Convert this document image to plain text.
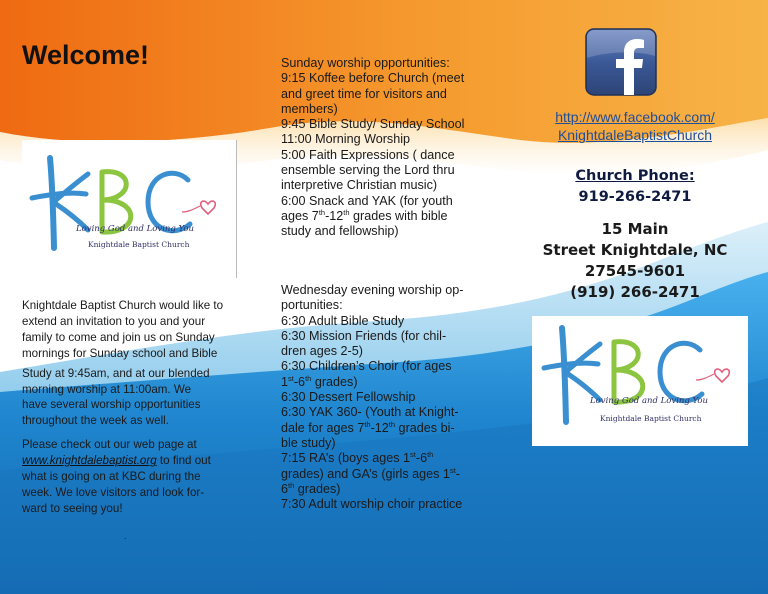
Welcome!
Loving God and Loving You
Knightdale Baptist Church

Knightdale Baptist Church would like to

extend an invitation to you and your

family to come and join us on Sunday

mornings for Sunday school and Bible

Study at 9:45am, and at our blended

morning worship at 11:00am. We

have several worship opportunities

throughout the week as well.

Please check out our web page at

www.knightdalebaptist.org to find out

what is going on at KBC during the

week. We love visitors and look for-

ward to seeing you!

.

Sunday worship opportunities:

9:15 Koffee before Church (meet

and greet time for visitors and

members)

9:45 Bible Study/ Sunday School

11:00 Morning Worship

5:00 Faith Expressions ( dance

ensemble serving the Lord thru

interpretive Christian music)

6:00 Snack and YAK (for youth

ages 7th-12th grades with bible

study and fellowship)

Wednesday evening worship op-

portunities:

6:30 Adult Bible Study

6:30 Mission Friends (for chil-

dren ages 2-5)

6:30 Children’s Choir (for ages

1st-6th grades)

6:30 Dessert Fellowship

6:30 YAK 360- (Youth at Knight-

dale for ages 7th-12th grades bi-

ble study)

7:15 RA’s (boys ages 1st-6th

grades) and GA’s (girls ages 1st-

6th grades)

7:30 Adult worship choir practice

http://www.facebook.com/
KnightdaleBaptistChurch
Church Phone:
919-266-2471
15 Main
Street Knightdale, NC
27545-9601
(919) 266-2471
Loving God and Loving You
Knightdale Baptist Church
